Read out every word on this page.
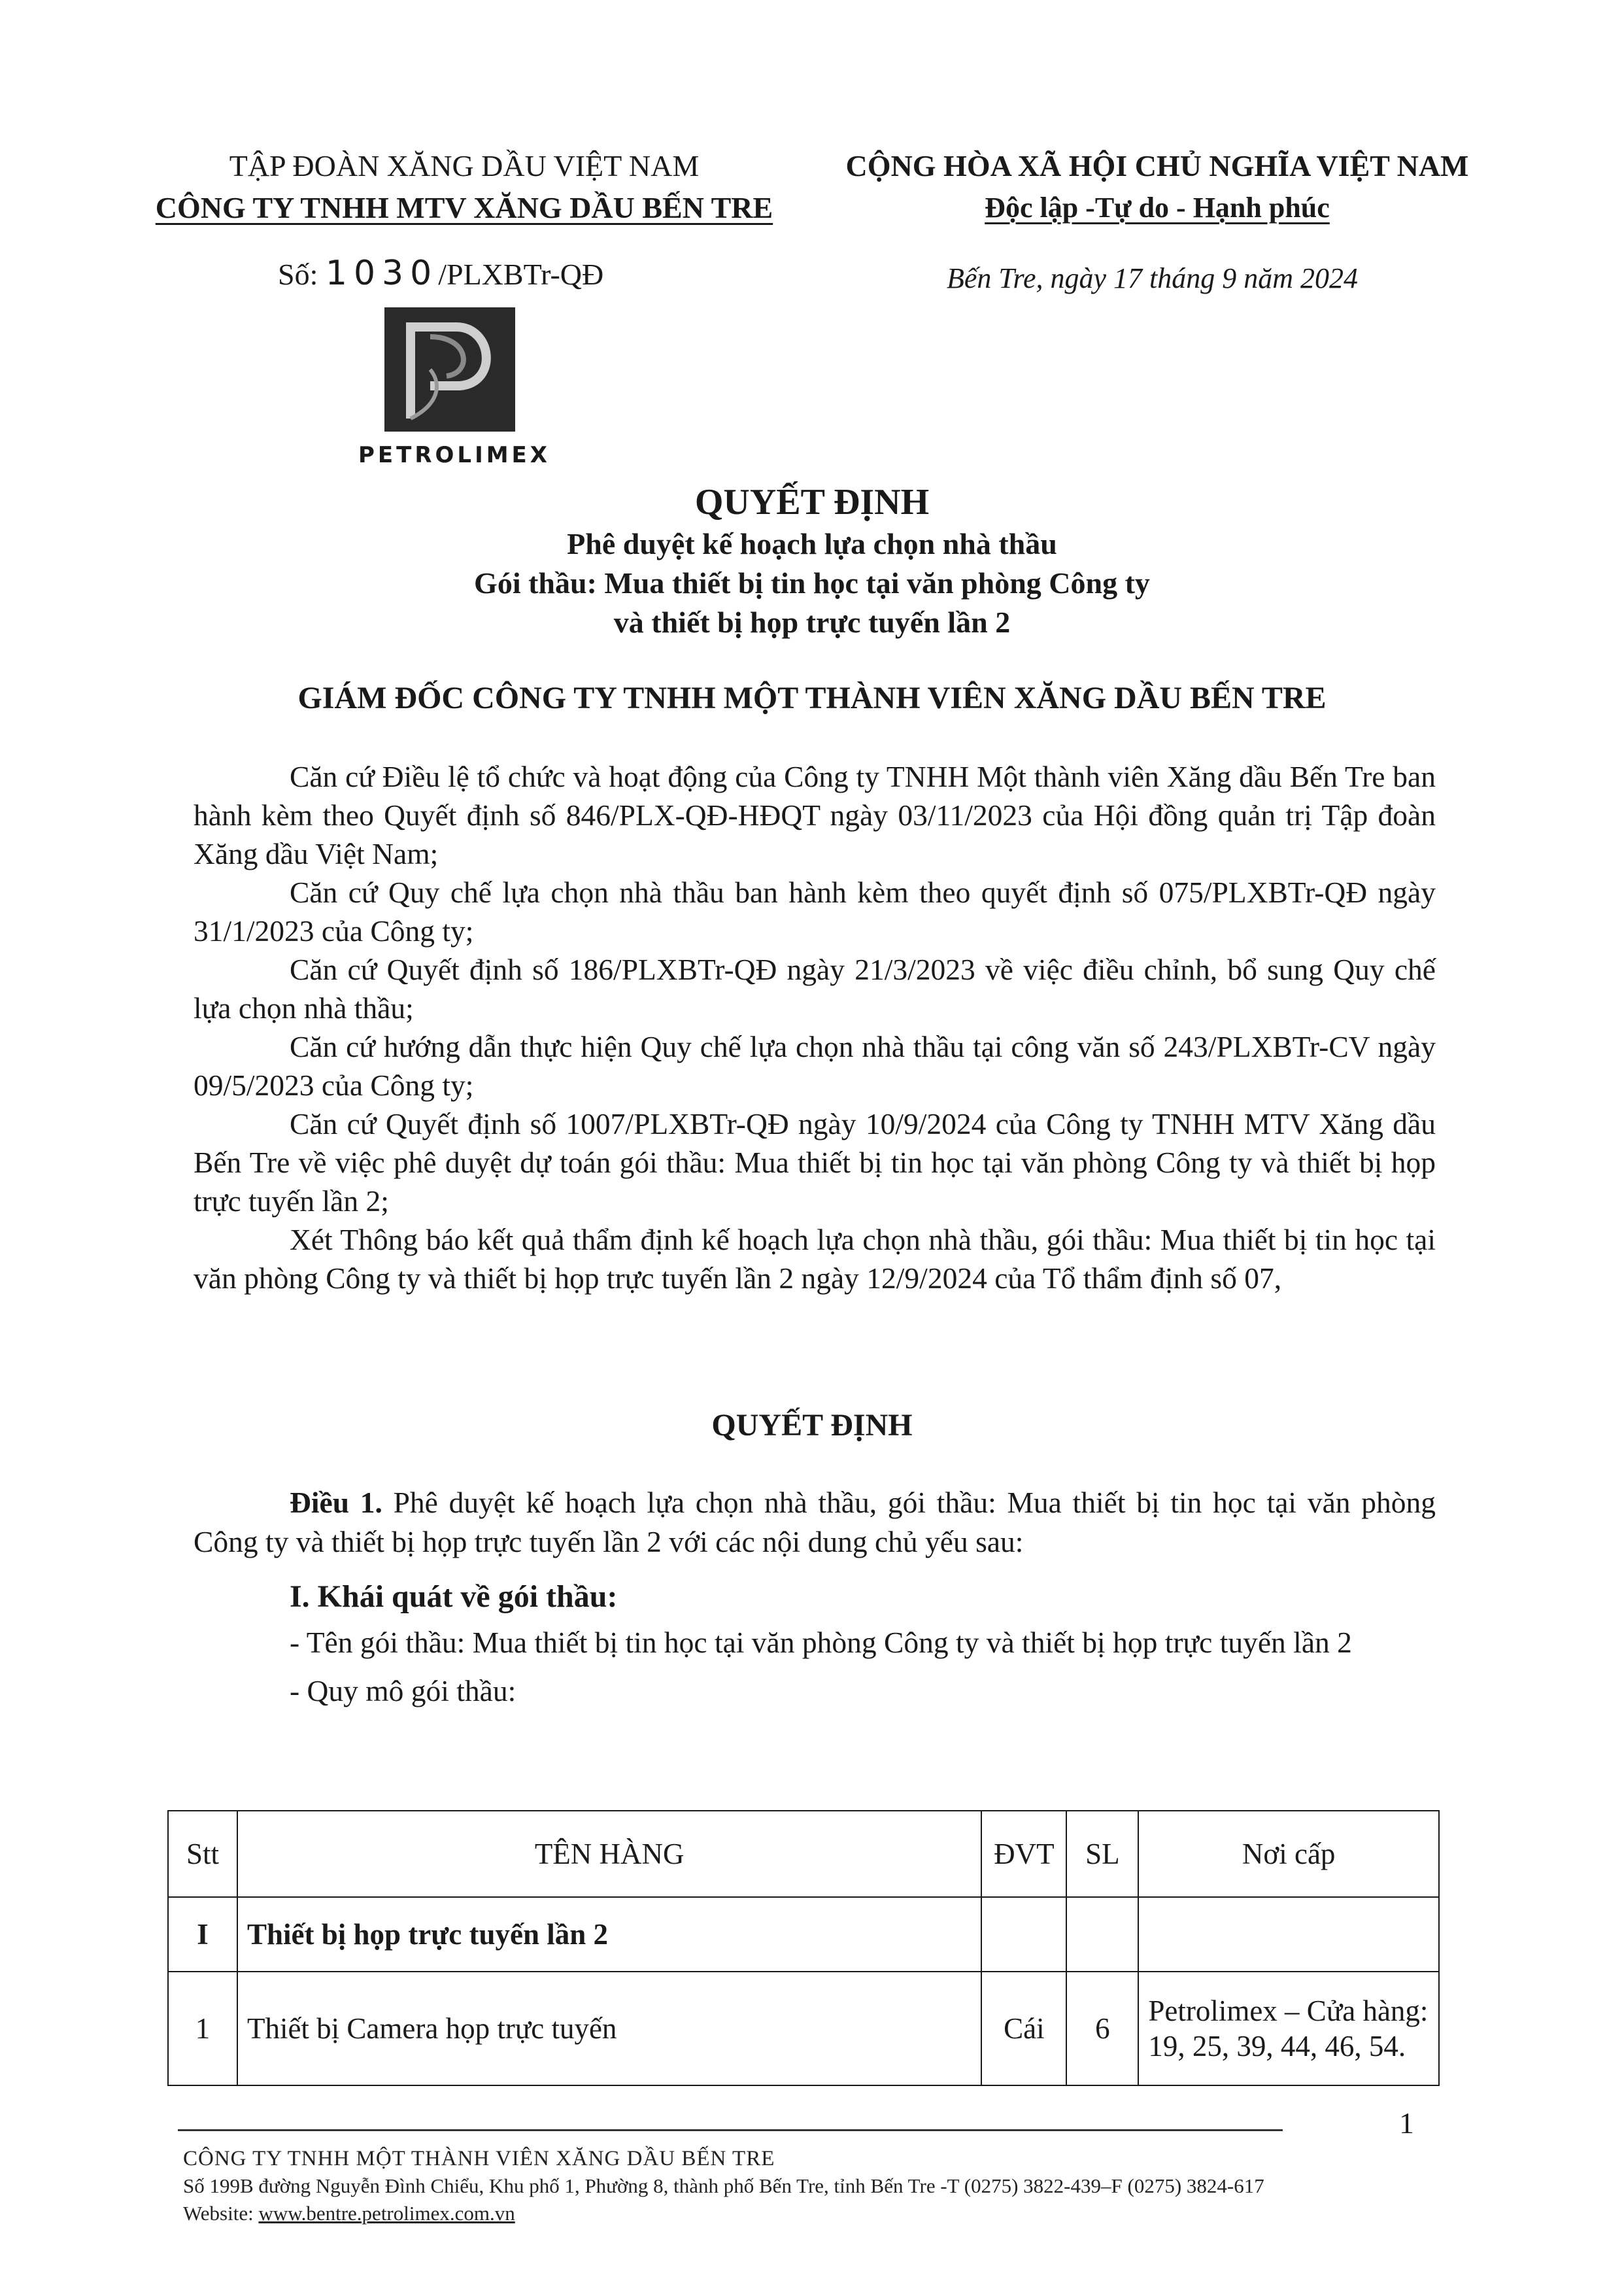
TẬP ĐOÀN XĂNG DẦU VIỆT NAM
CÔNG TY TNHH MTV XĂNG DẦU BẾN TRE
CỘNG HÒA XÃ HỘI CHỦ NGHĨA VIỆT NAM
Độc lập -Tự do - Hạnh phúc
Số: 1030/PLXBTr-QĐ	Bến Tre, ngày 17 tháng 9 năm 2024
PETROLIMEX
QUYẾT ĐỊNH
Phê duyệt kế hoạch lựa chọn nhà thầu
Gói thầu: Mua thiết bị tin học tại văn phòng Công ty
và thiết bị họp trực tuyến lần 2
GIÁM ĐỐC CÔNG TY TNHH MỘT THÀNH VIÊN XĂNG DẦU BẾN TRE

Căn cứ Điều lệ tổ chức và hoạt động của Công ty TNHH Một thành viên Xăng dầu Bến Tre ban hành kèm theo Quyết định số 846/PLX-QĐ-HĐQT ngày 03/11/2023 của Hội đồng quản trị Tập đoàn Xăng dầu Việt Nam;

Căn cứ Quy chế lựa chọn nhà thầu ban hành kèm theo quyết định số 075/PLXBTr-QĐ ngày 31/1/2023 của Công ty;

Căn cứ Quyết định số 186/PLXBTr-QĐ ngày 21/3/2023 về việc điều chỉnh, bổ sung Quy chế lựa chọn nhà thầu;

Căn cứ hướng dẫn thực hiện Quy chế lựa chọn nhà thầu tại công văn số 243/PLXBTr-CV ngày 09/5/2023 của Công ty;

Căn cứ Quyết định số 1007/PLXBTr-QĐ ngày 10/9/2024 của Công ty TNHH MTV Xăng dầu Bến Tre về việc phê duyệt dự toán gói thầu: Mua thiết bị tin học tại văn phòng Công ty và thiết bị họp trực tuyến lần 2;

Xét Thông báo kết quả thẩm định kế hoạch lựa chọn nhà thầu, gói thầu: Mua thiết bị tin học tại văn phòng Công ty và thiết bị họp trực tuyến lần 2 ngày 12/9/2024 của Tổ thẩm định số 07,

QUYẾT ĐỊNH

Điều 1. Phê duyệt kế hoạch lựa chọn nhà thầu, gói thầu: Mua thiết bị tin học tại văn phòng Công ty và thiết bị họp trực tuyến lần 2 với các nội dung chủ yếu sau:

I. Khái quát về gói thầu:

- Tên gói thầu: Mua thiết bị tin học tại văn phòng Công ty và thiết bị họp trực tuyến lần 2

- Quy mô gói thầu:

Stt	TÊN HÀNG	ĐVT	SL	Nơi cấp
I	Thiết bị họp trực tuyến lần 2			
1	Thiết bị Camera họp trực tuyến	Cái	6	Petrolimex – Cửa hàng: 19, 25, 39, 44, 46, 54.
1
CÔNG TY TNHH MỘT THÀNH VIÊN XĂNG DẦU BẾN TRE
Số 199B đường Nguyễn Đình Chiểu, Khu phố 1, Phường 8, thành phố Bến Tre, tỉnh Bến Tre -T (0275) 3822-439–F (0275) 3824-617
Website: www.bentre.petrolimex.com.vn
